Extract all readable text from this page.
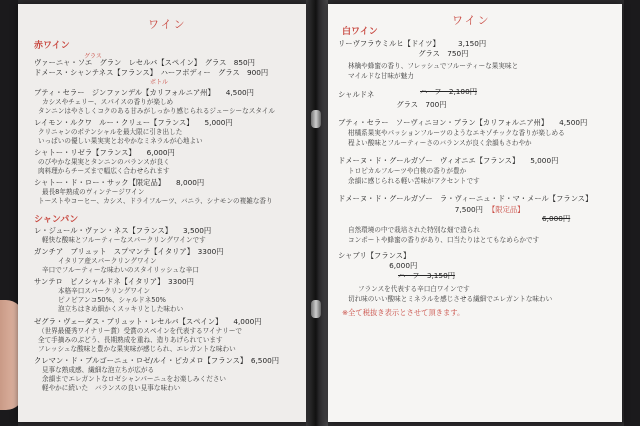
ワイン
赤ワイン
グラス
ボトル
ヴァーニャ・ソエ　グラン　レセルバ【スペイン】　グラス　850円
ドメース・シャンテネス【フランス】　ハーフボディー　グラス　900円
ブティ・セラー　ジンファンデル【カリフォルニア州】　　4,500円
カシスやチェリー、スパイスの香りが楽しめ
タンニンはやさしくコクのある甘みがしっかり感じられるジューシーなスタイル
レイモン・ルクワ　ルー・クリュー【フランス】　　5,000円
クリニャンのポテンシャルを最大限に引き出した
いっぱいの優しい果実実とおやかなミネラルが心地よい
シャトー・リゼラ【フランス】　　6,000円
のびやかな果実とタンニンのバランスが良く
肉料理からチーズまで幅広く合わせられます
シャトー・ド・ロー・サック【限定品】　　8,000円
最長8年熟成のヴィンテージワイン
トーストやコーヒー、カシス、ドライフルーツ、バニラ、シナモンの複雑な香り
シャンパン
レ・ジュール・ヴァン・ネス【フランス】　　3,500円
軽快な酸味とフルーティーなスパークリングワインです
ガンチア　ブリュット　スプマンテ【イタリア】　3300円
イタリア産スパークリングワイン
辛口でフルーティーな味わいのスタイリッシュな辛口
サンテロ　ピノシャルドネ【イタリア】　3300円
本格辛口スパークリングワイン
ピノビアンコ50%、シャルドネ50%
泡立ちはきめ細かくスッキリとした味わい
ゼグラ・ヴェーダス・ブリュット・レセルバ【スペイン】　　4,000円
（世界最優秀ワイナリー賞）受賞のスペインを代表するワイナリーで
全て手摘みのぶどう、長期熟成を重ね、造りあげられています
フレッシュな酸味と豊かな果実味が感じられ、エレガントな味わい
クレマン・ド・ブルゴーニュ・ロゼ/ルイ・ピカメロ【フランス】　6,500円
見事な熟成感、繊細な泡立ちが広がる
余韻までエレガントなロゼシャンパーニュをお楽しみください
軽やかに続いた　バランスの良い見事な味わい
ワイン
白ワイン
リーヴフラウミルヒ【ドイツ】　　　3,150円
　　　　　　　　　　　グラス　750円
林檎や蜂蜜の香り、フレッシュでフルーティーな果実味と
マイルドな甘味が魅力
シャルドネ	ハーフ　2,100円
　　　　　　　　グラス　700円
ブティ・セラー　ソーヴィニヨン・ブラン【カリフォルニア州】　　4,500円
柑橘系果実やパッションフルーツのようなエキゾチックな香りが楽しめる
程よい酸味とフルーティーさのバランスが良く余韻もさわやか
ドメーヌ・ド・グールガゾー　ヴィオニエ【フランス】　　5,000円
トロピカルフルーツや白桃の香りが豊か
余韻に感じられる軽い苦味がアクセントです
ドメーヌ・ド・グールガゾー　ラ・ヴィーニュ・ド・マ・メール【フランス】
【限定品】
　　　　　　　　　　　　　　　　7,500円
6,000円
自然環境の中で栽培された特別な畑で造られ
コンポートや蜂蜜の香りがあり、口当たりはとてもなめらかです
シャブリ【フランス】
　　　　　　　6,000円
ハーフ　3,150円
フランスを代表する辛口白ワインです
切れ味のいい酸味とミネラルを感じさせる繊細でエレガントな味わい
※全て税抜き表示とさせて頂きます。
